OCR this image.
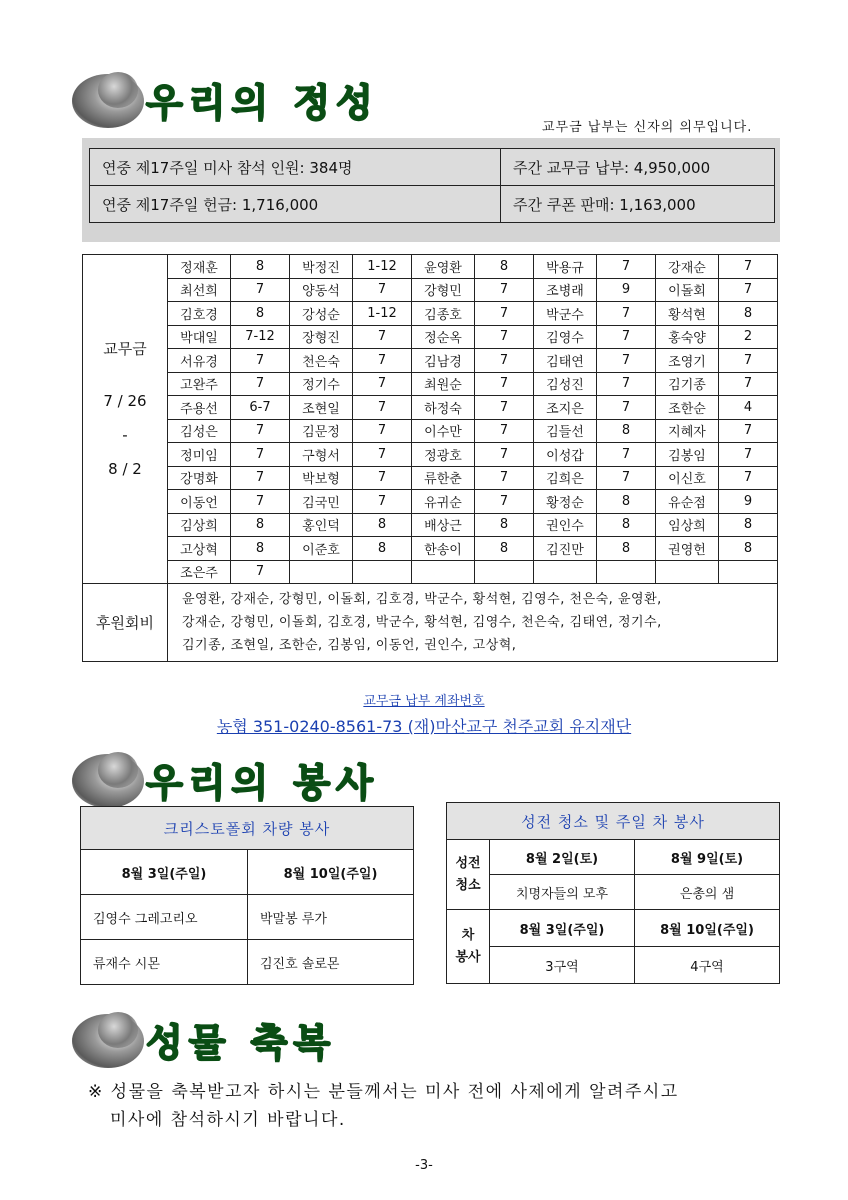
우리의 정성
교무금 납부는 신자의 의무입니다.
연중 제17주일 미사 참석 인원: 384명	주간 교무금 납부: 4,950,000
연중 제17주일 헌금: 1,716,000	주간 쿠폰 판매: 1,163,000
교무금
7 / 26
-
8 / 2	정재훈	8	박정진	1-12	윤영환	8	박용규	7	강재순	7
	최선희	7	양동석	7	강형민	7	조병래	9	이돌회	7
	김호경	8	강성순	1-12	김종호	7	박군수	7	황석현	8
	박대일	7-12	장형진	7	정순옥	7	김영수	7	홍숙양	2
	서유경	7	천은숙	7	김남경	7	김태연	7	조영기	7
	고완주	7	정기수	7	최원순	7	김성진	7	김기종	7
	주용선	6-7	조현일	7	하정숙	7	조지은	7	조한순	4
	김성은	7	김문정	7	이수만	7	김들선	8	지혜자	7
	정미임	7	구형서	7	정광호	7	이성갑	7	김봉임	7
	강명화	7	박보형	7	류한춘	7	김희은	7	이신호	7
	이동언	7	김국민	7	유귀순	7	황정순	8	유순점	9
	김상희	8	홍인덕	8	배상근	8	권인수	8	임상희	8
	고상혁	8	이준호	8	한송이	8	김진만	8	권영헌	8
	조은주	7								
후원회비	윤영환, 강재순, 강형민, 이돌회, 김호경, 박군수, 황석현, 김영수, 천은숙, 윤영환,
강재순, 강형민, 이돌회, 김호경, 박군수, 황석현, 김영수, 천은숙, 김태연, 정기수,
김기종, 조현일, 조한순, 김봉임, 이동언, 권인수, 고상혁,									
교무금 납부 계좌번호
농협 351-0240-8561-73 (재)마산교구 천주교회 유지재단
우리의 봉사
크리스토폴회 차량 봉사	
8월 3일(주일)	8월 10일(주일)
김영수 그레고리오	박말봉 루가
류재수 시몬	김진호 솔로몬
성전 청소 및 주일 차 봉사		
성전
청소	8월 2일(토)	8월 9일(토)
	치명자들의 모후	은총의 샘
차
봉사	8월 3일(주일)	8월 10일(주일)
	3구역	4구역
성물 축복
※ 성물을 축복받고자 하시는 분들께서는 미사 전에 사제에게 알려주시고
미사에 참석하시기 바랍니다.
-3-
